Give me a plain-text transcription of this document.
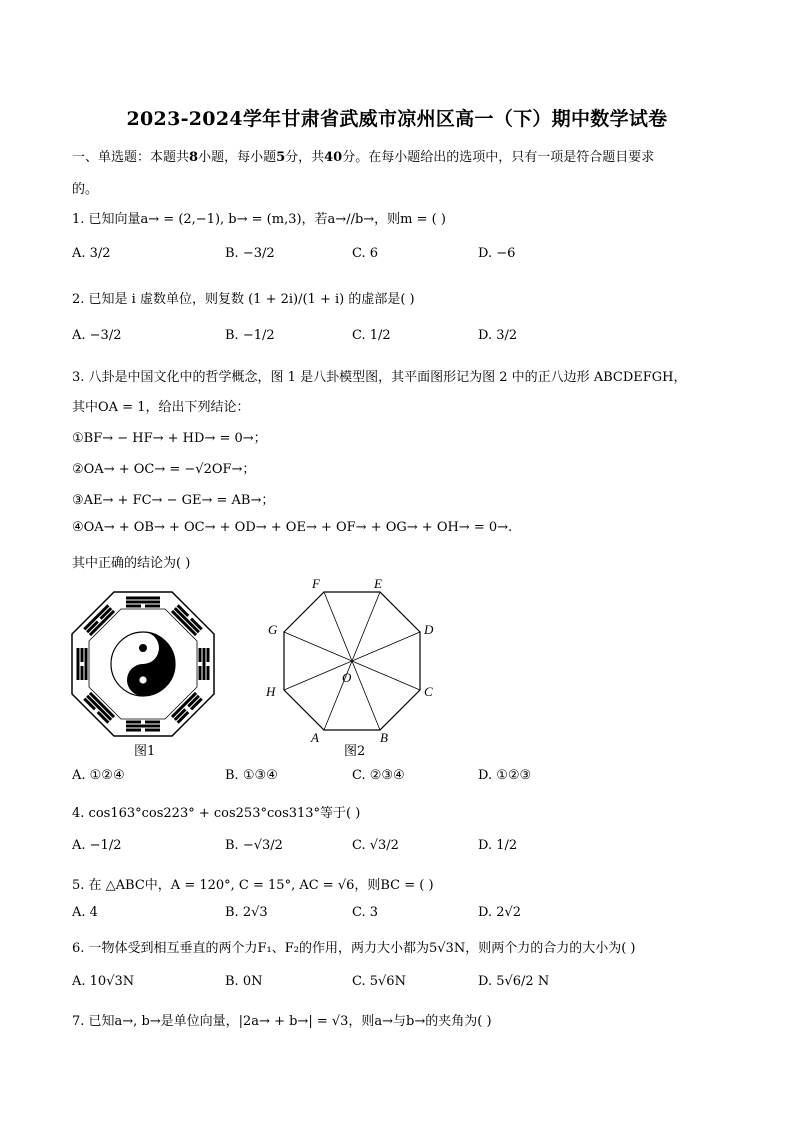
2023-2024学年甘肃省武威市凉州区高一（下）期中数学试卷
一、单选题：本题共8小题，每小题5分，共40分。在每小题给出的选项中，只有一项是符合题目要求
的。
1. 已知向量a→ = (2,−1), b→ = (m,3)，若a→//b→，则m = ( )
A. 3/2	B. −3/2	C. 6	D. −6
2. 已知是 i 虚数单位，则复数 (1 + 2i)/(1 + i) 的虚部是( )
A. −3/2	B. −1/2	C. 1/2	D. 3/2
3. 八卦是中国文化中的哲学概念，图 1 是八卦模型图，其平面图形记为图 2 中的正八边形 ABCDEFGH，
其中OA = 1，给出下列结论：
①BF→ − HF→ + HD→ = 0→；
②OA→ + OC→ = −√2OF→；
③AE→ + FC→ − GE→ = AB→；
④OA→ + OB→ + OC→ + OD→ + OE→ + OF→ + OG→ + OH→ = 0→.
其中正确的结论为( )
图1
A	B
C
D
E
F
G
H
O
图2
A. ①②④	B. ①③④	C. ②③④	D. ①②③
4. cos163°cos223° + cos253°cos313°等于( )
A. −1/2	B. −√3/2	C. √3/2	D. 1/2
5. 在 △ABC中，A = 120°, C = 15°, AC = √6，则BC = ( )
A. 4	B. 2√3	C. 3	D. 2√2
6. 一物体受到相互垂直的两个力F₁、F₂的作用，两力大小都为5√3N，则两个力的合力的大小为( )
A. 10√3N	B. 0N	C. 5√6N	D. 5√6/2 N
7. 已知a→, b→是单位向量，|2a→ + b→| = √3，则a→与b→的夹角为( )
